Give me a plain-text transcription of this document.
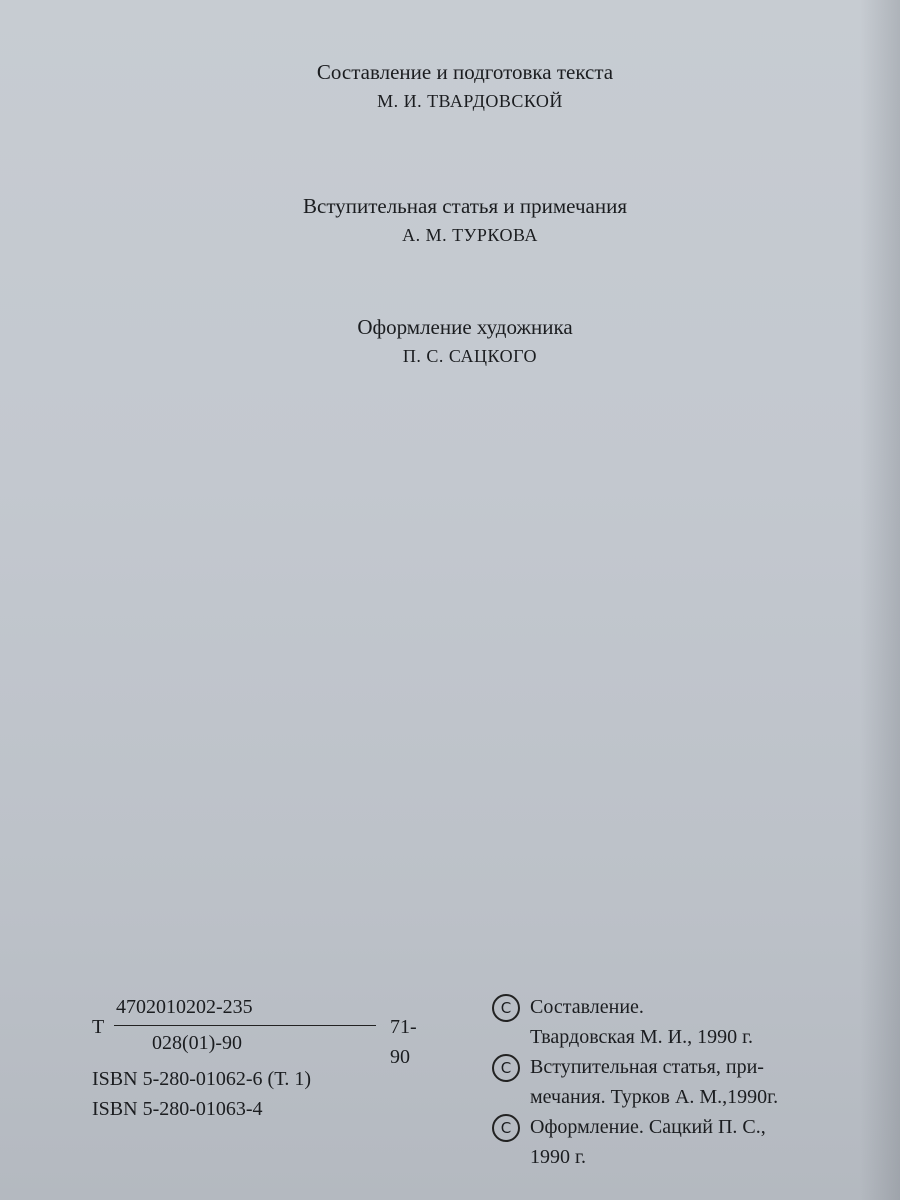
Составление и подготовка текста
М. И. ТВАРДОВСКОЙ
Вступительная статья и примечания
А. М. ТУРКОВА
Оформление художника
П. С. САЦКОГО
Т
4702010202-235
028(01)-90
71-90
ISBN 5-280-01062-6 (Т. 1)
ISBN 5-280-01063-4
C Составление.
Твардовская М. И., 1990 г.
C Вступительная статья, при-
мечания. Турков А. М.,1990г.
C Оформление. Сацкий П. С.,
1990 г.
